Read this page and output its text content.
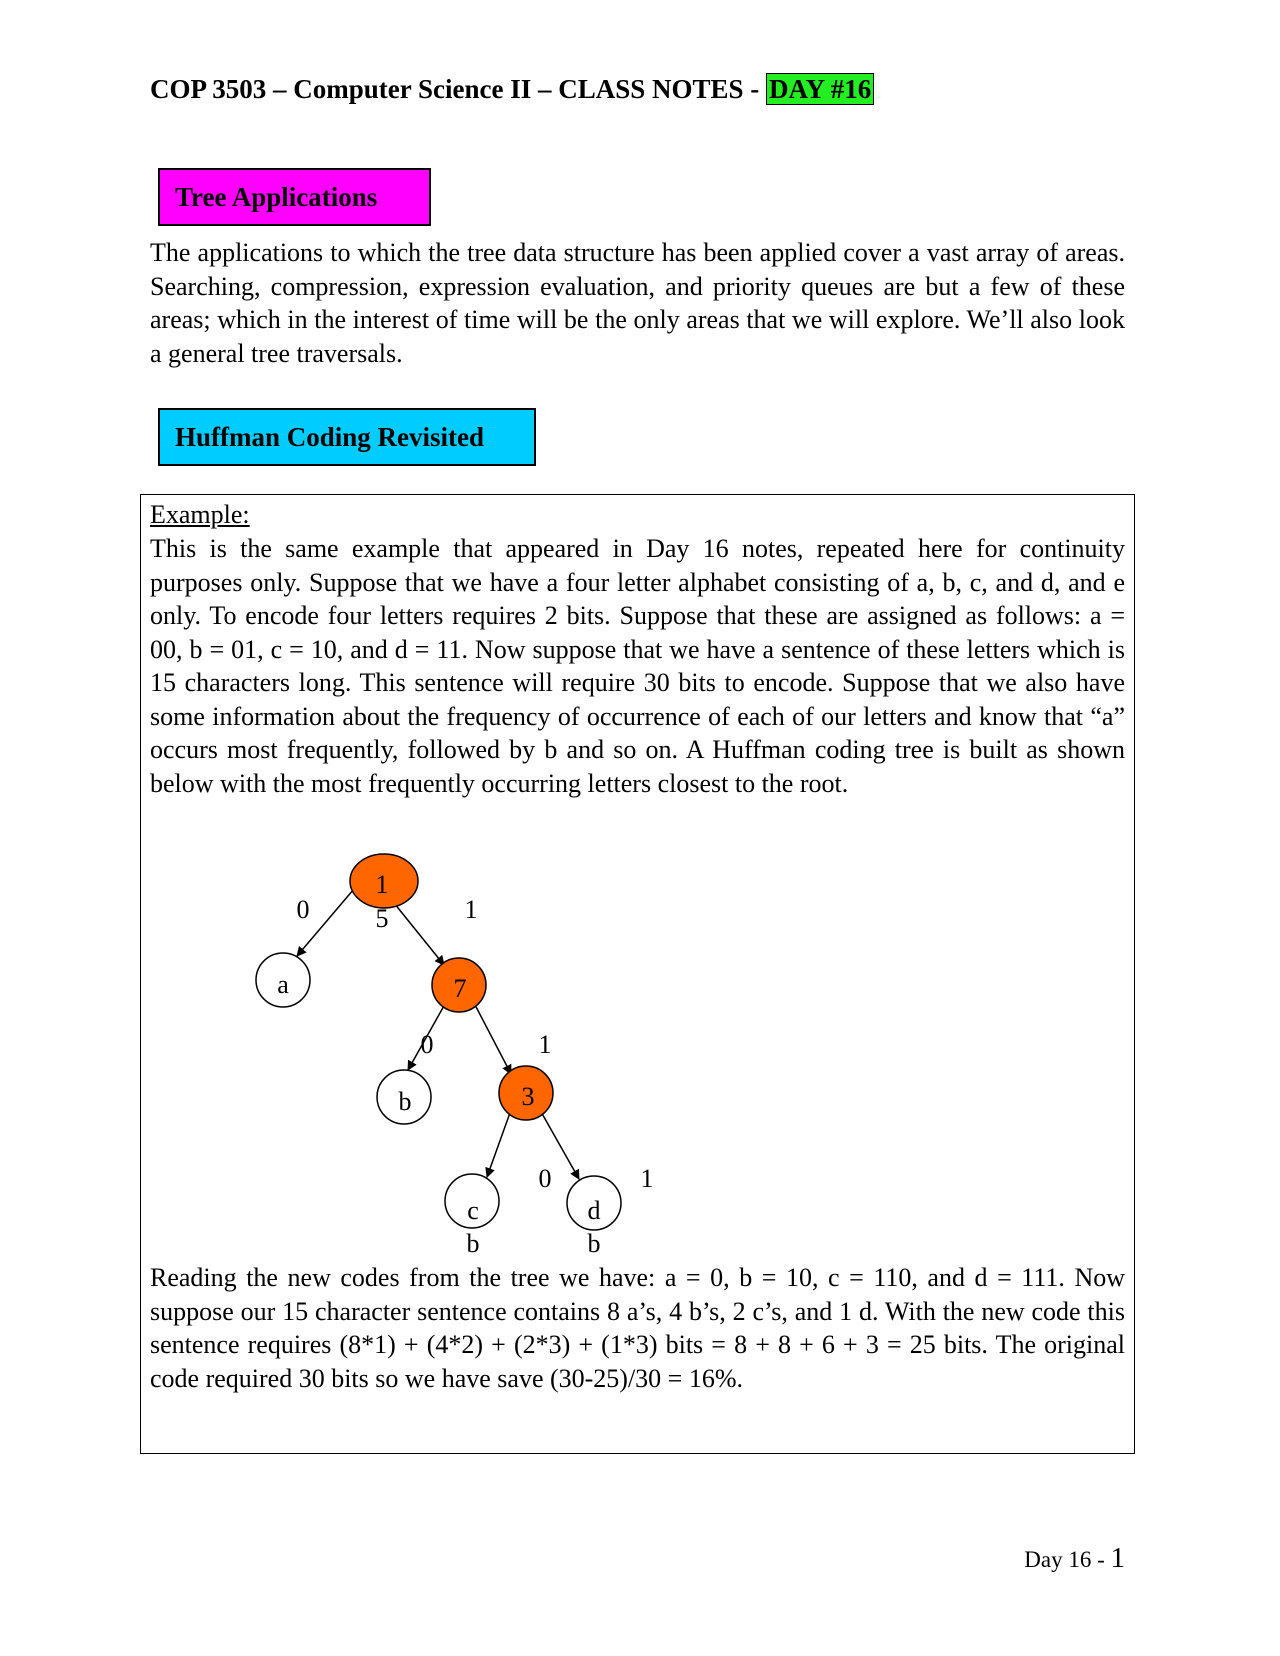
COP 3503 – Computer Science II – CLASS NOTES - DAY #16
Tree Applications

The applications to which the tree data structure has been applied cover a vast array of areas. Searching, compression, expression evaluation, and priority queues are but a few of these areas; which in the interest of time will be the only areas that we will explore. We’ll also look a general tree traversals.

Huffman Coding Revisited
Example:

This is the same example that appeared in Day 16 notes, repeated here for continuity purposes only. Suppose that we have a four letter alphabet consisting of a, b, c, and d, and e only. To encode four letters requires 2 bits. Suppose that these are assigned as follows: a = 00, b = 01, c = 10, and d = 11. Now suppose that we have a sentence of these letters which is 15 characters long. This sentence will require 30 bits to encode. Suppose that we also have some information about the frequency of occurrence of each of our letters and know that “a” occurs most frequently, followed by b and so on. A Huffman coding tree is built as shown below with the most frequently occurring letters closest to the root.

1
5
7
3
a
b
c
b
d
b
0	1
0	1
0	1

Reading the new codes from the tree we have: a = 0, b = 10, c = 110, and d = 111. Now suppose our 15 character sentence contains 8 a’s, 4 b’s, 2 c’s, and 1 d. With the new code this sentence requires (8*1) + (4*2) + (2*3) + (1*3) bits = 8 + 8 + 6 + 3 = 25 bits. The original code required 30 bits so we have save (30-25)/30 = 16%.

Day 16 - 1
